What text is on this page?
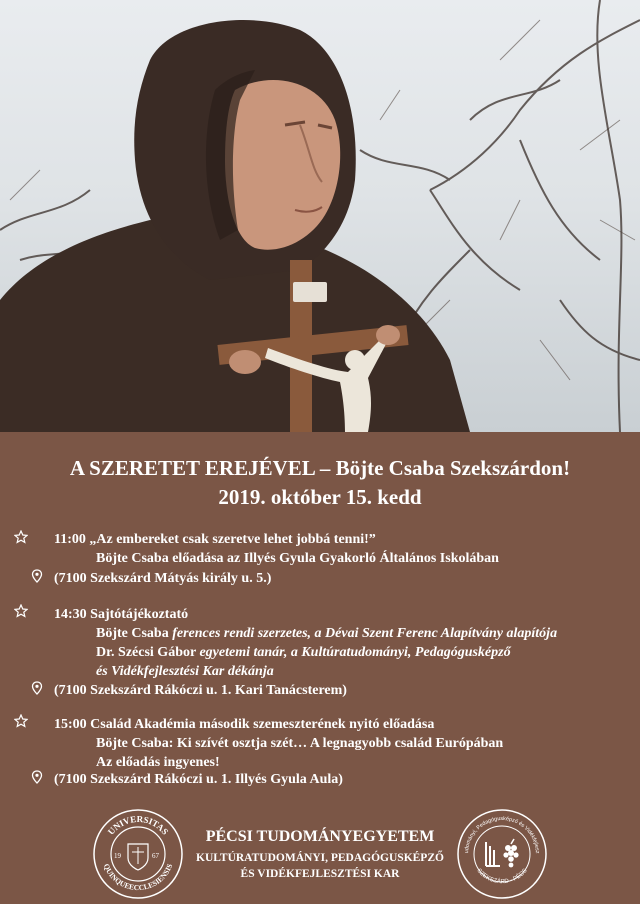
A SZERETET EREJÉVEL – Böjte Csaba Szekszárdon!
2019. október 15. kedd
11:00 „Az embereket csak szeretve lehet jobbá tenni!”
Böjte Csaba előadása az Illyés Gyula Gyakorló Általános Iskolában
(7100 Szekszárd Mátyás király u. 5.)
14:30 Sajtótájékoztató
Böjte Csaba ferences rendi szerzetes, a Dévai Szent Ferenc Alapítvány alapítója
Dr. Szécsi Gábor egyetemi tanár, a Kultúratudományi, Pedagógusképző
és Vidékfejlesztési Kar dékánja
(7100 Szekszárd Rákóczi u. 1. Kari Tanácsterem)
15:00 Család Akadémia második szemeszterének nyitó előadása
Böjte Csaba: Ki szívét osztja szét… A legnagyobb család Európában
Az előadás ingyenes!
(7100 Szekszárd Rákóczi u. 1. Illyés Gyula Aula)
UNIVERSITAS
QUINQUEECCLESIENSIS
19	67
PÉCSI TUDOMÁNYEGYETEM
KULTÚRATUDOMÁNYI, PEDAGÓGUSKÉPZŐ
ÉS VIDÉKFEJLESZTÉSI KAR
udományi, Pedagógusképző és Vidékfejlesz
SZEKSZÁRD - PÉCS
